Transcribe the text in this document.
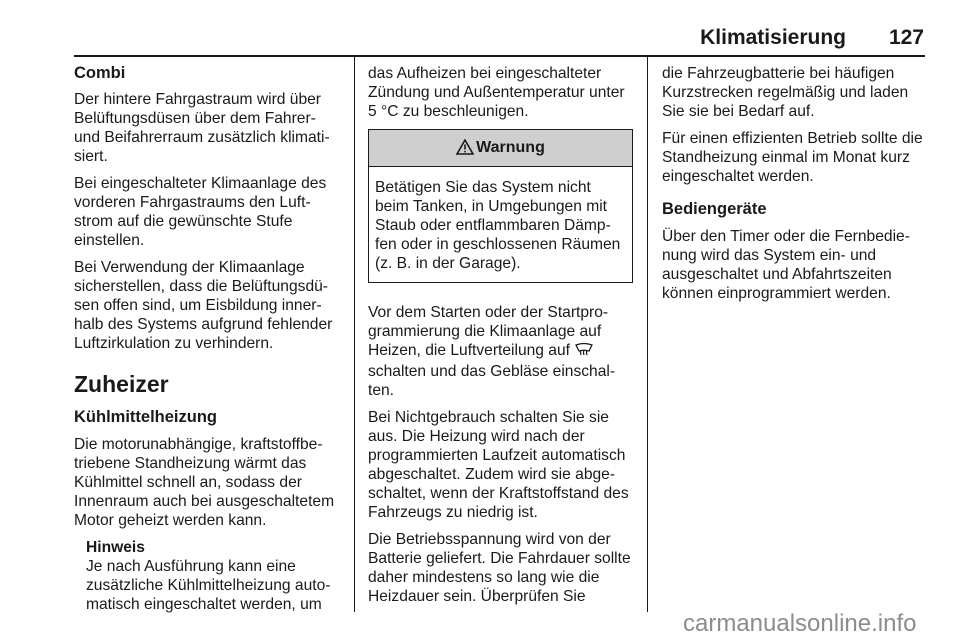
Klimatisierung 127
Combi

Der hintere Fahrgastraum wird über Belüftungsdüsen über dem Fahrer- und Beifahrerraum zusätzlich klimatisiert.

Bei eingeschalteter Klimaanlage des vorderen Fahrgastraums den Luftstrom auf die gewünschte Stufe einstellen.

Bei Verwendung der Klimaanlage sicherstellen, dass die Belüftungsdüsen offen sind, um Eisbildung innerhalb des Systems aufgrund fehlender Luftzirkulation zu verhindern.

Zuheizer
Kühlmittelheizung

Die motorunabhängige, kraftstoffbetriebene Standheizung wärmt das Kühlmittel schnell an, sodass der Innenraum auch bei ausgeschaltetem Motor geheizt werden kann.

Hinweis
Je nach Ausführung kann eine zusätzliche Kühlmittelheizung automatisch eingeschaltet werden, um

das Aufheizen bei eingeschalteter Zündung und Außentemperatur unter 5 °C zu beschleunigen.

Warnung
Betätigen Sie das System nicht beim Tanken, in Umgebungen mit Staub oder entflammbaren Dämpfen oder in geschlossenen Räumen (z. B. in der Garage).

Vor dem Starten oder der Startprogrammierung die Klimaanlage auf Heizen, die Luftverteilung auf  schalten und das Gebläse einschalten.

Bei Nichtgebrauch schalten Sie sie aus. Die Heizung wird nach der programmierten Laufzeit automatisch abgeschaltet. Zudem wird sie abgeschaltet, wenn der Kraftstoffstand des Fahrzeugs zu niedrig ist.

Die Betriebsspannung wird von der Batterie geliefert. Die Fahrdauer sollte daher mindestens so lang wie die Heizdauer sein. Überprüfen Sie

die Fahrzeugbatterie bei häufigen Kurzstrecken regelmäßig und laden Sie sie bei Bedarf auf.

Für einen effizienten Betrieb sollte die Standheizung einmal im Monat kurz eingeschaltet werden.

Bediengeräte

Über den Timer oder die Fernbedienung wird das System ein- und ausgeschaltet und Abfahrtszeiten können einprogrammiert werden.

carmanualsonline.info
